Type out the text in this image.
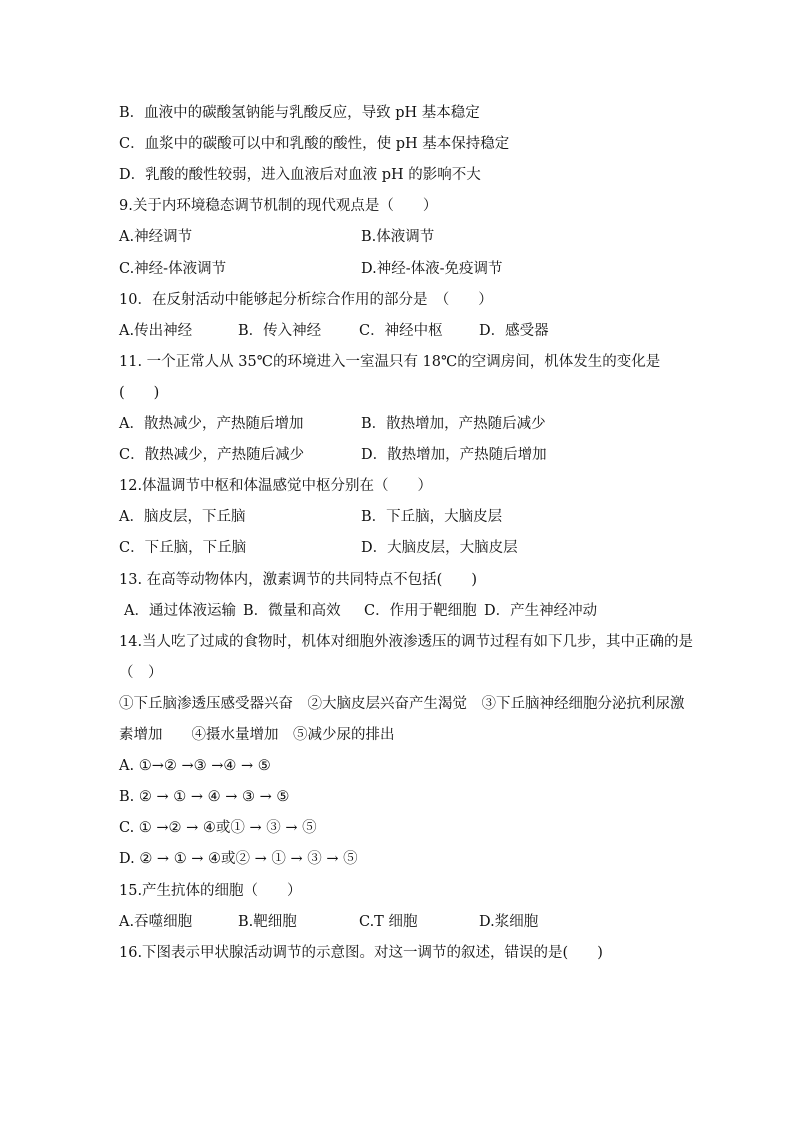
B．血液中的碳酸氢钠能与乳酸反应，导致 pH 基本稳定
C．血浆中的碳酸可以中和乳酸的酸性，使 pH 基本保持稳定
D．乳酸的酸性较弱，进入血液后对血液 pH 的影响不大
9.关于内环境稳态调节机制的现代观点是（　　）
A.神经调节	B.体液调节
C.神经-体液调节	D.神经-体液-免疫调节
10．在反射活动中能够起分析综合作用的部分是　（　　）
A.传出神经	B．传入神经	C．神经中枢	D．感受器
11. 一个正常人从 35℃的环境进入一室温只有 18℃的空调房间，机体发生的变化是
(　　)
A．散热减少，产热随后增加	B．散热增加，产热随后减少
C．散热减少，产热随后减少	D．散热增加，产热随后增加
12.体温调节中枢和体温感觉中枢分别在（　　）
A．脑皮层，下丘脑	B．下丘脑，大脑皮层
C．下丘脑，下丘脑	D．大脑皮层，大脑皮层
13. 在高等动物体内，激素调节的共同特点不包括(　　)
A．通过体液运输 B．微量和高效 C．作用于靶细胞 D．产生神经冲动
14.当人吃了过咸的食物时，机体对细胞外液渗透压的调节过程有如下几步，其中正确的是
（　）
①下丘脑渗透压感受器兴奋　②大脑皮层兴奋产生渴觉　③下丘脑神经细胞分泌抗利尿激
素增加　　④摄水量增加　⑤减少尿的排出
A. ①→② →③ →④ → ⑤
B. ② → ① → ④ → ③ → ⑤
C. ① →② → ④或① → ③ → ⑤
D. ② → ① → ④或② → ① → ③ → ⑤
15.产生抗体的细胞（　　）
A.吞噬细胞	B.靶细胞	C.T 细胞	D.浆细胞
16.下图表示甲状腺活动调节的示意图。对这一调节的叙述，错误的是(　　)
